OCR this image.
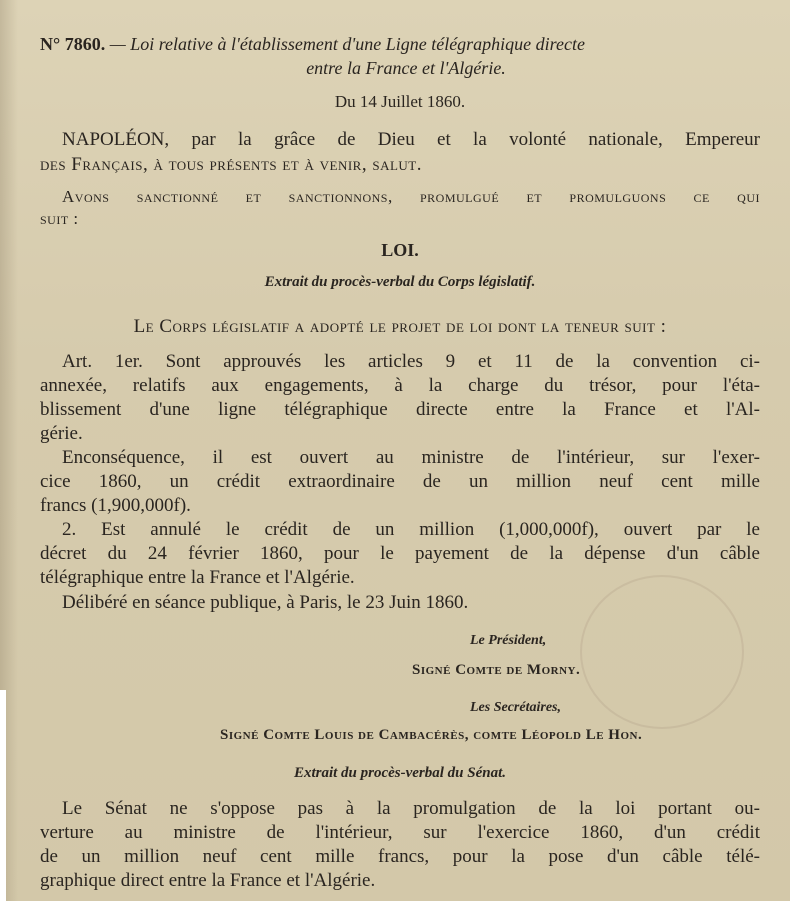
N° 7860. — Loi relative à l'établissement d'une Ligne télégraphique directe
entre la France et l'Algérie.
Du 14 Juillet 1860.
NAPOLÉON, par la grâce de Dieu et la volonté nationale, Empereur
des Français, à tous présents et à venir, salut.
Avons sanctionné et sanctionnons, promulgué et promulguons ce qui
suit :
LOI.
Extrait du procès-verbal du Corps législatif.
Le Corps législatif a adopté le projet de loi dont la teneur suit :
Art. 1er. Sont approuvés les articles 9 et 11 de la convention ci-
annexée, relatifs aux engagements, à la charge du trésor, pour l'éta-
blissement d'une ligne télégraphique directe entre la France et l'Al-
gérie.
Enconséquence, il est ouvert au ministre de l'intérieur, sur l'exer-
cice 1860, un crédit extraordinaire de un million neuf cent mille
francs (1,900,000f).
2. Est annulé le crédit de un million (1,000,000f), ouvert par le
décret du 24 février 1860, pour le payement de la dépense d'un câble
télégraphique entre la France et l'Algérie.
Délibéré en séance publique, à Paris, le 23 Juin 1860.
Le Président,
Signé Comte de Morny.
Les Secrétaires,
Signé Comte Louis de Cambacérès, comte Léopold Le Hon.
Extrait du procès-verbal du Sénat.
Le Sénat ne s'oppose pas à la promulgation de la loi portant ou-
verture au ministre de l'intérieur, sur l'exercice 1860, d'un crédit
de un million neuf cent mille francs, pour la pose d'un câble télé-
graphique direct entre la France et l'Algérie.
